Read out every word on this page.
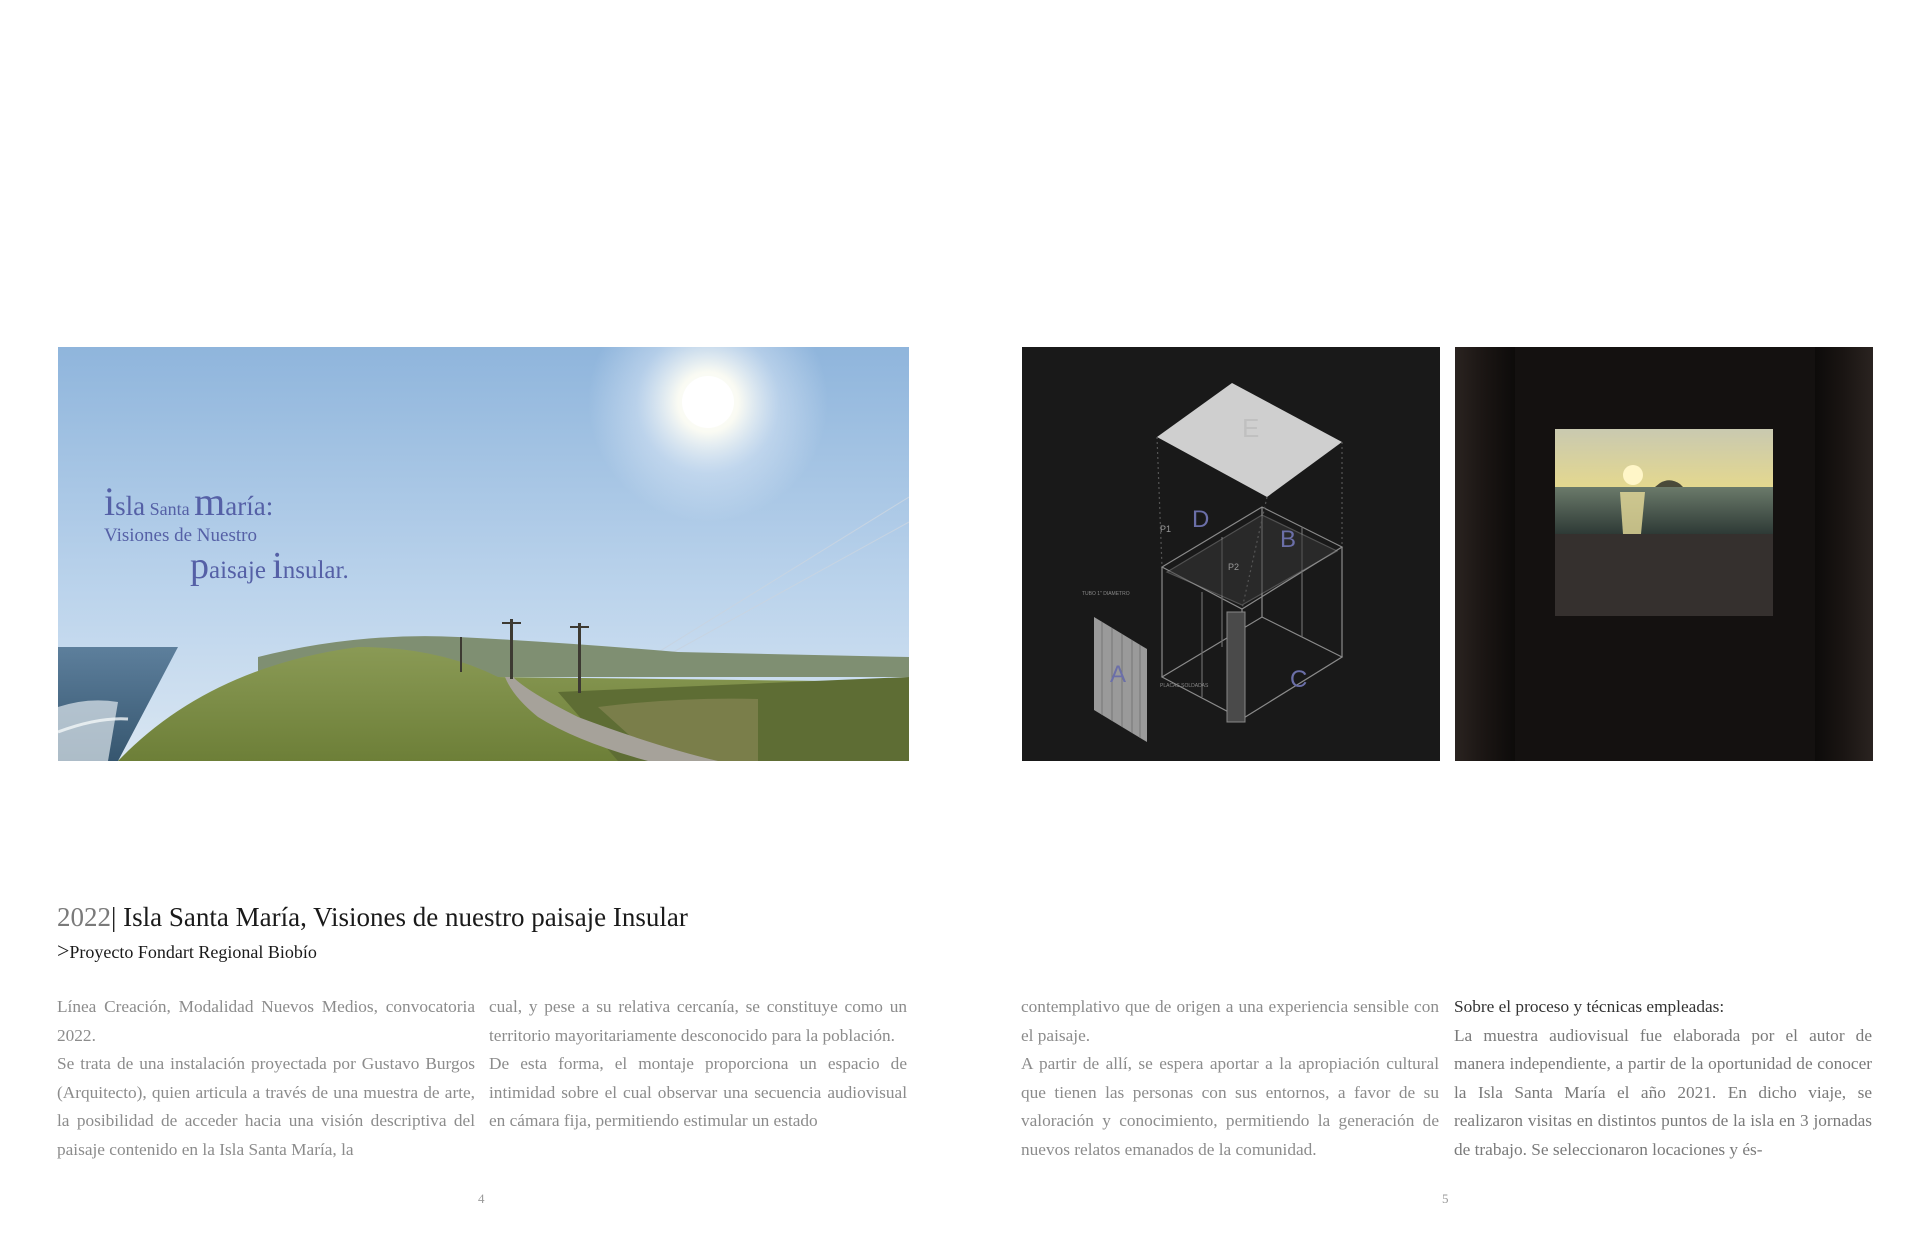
isla Santa maría:
Visiones de Nuestro
paisaje insular.
E
D
B
A	C
P1
P2
TUBO 1" DIAMETRO
PLACAS SOLDADAS
2022| Isla Santa María, Visiones de nuestro paisaje Insular
>Proyecto Fondart Regional Biobío

Línea Creación, Modalidad Nuevos Medios, convocatoria 2022.

Se trata de una instalación proyectada por Gustavo Burgos (Arquitecto), quien articula a través de una muestra de arte, la posibilidad de acceder hacia una visión descriptiva del paisaje contenido en la Isla Santa María, la

cual, y pese a su relativa cercanía, se constituye como un territorio mayoritariamente desconocido para la población.

De esta forma, el montaje proporciona un espacio de intimidad sobre el cual observar una secuencia audiovisual en cámara fija, permitiendo estimular un estado

contemplativo que de origen a una experiencia sensible con el paisaje.

A partir de allí, se espera aportar a la apropiación cultural que tienen las personas con sus entornos, a favor de su valoración y conocimiento, permitiendo la generación de nuevos relatos emanados de la comunidad.

Sobre el proceso y técnicas empleadas:

La muestra audiovisual fue elaborada por el autor de manera independiente, a partir de la oportunidad de conocer la Isla Santa María el año 2021. En dicho viaje, se realizaron visitas en distintos puntos de la isla en 3 jornadas de trabajo. Se seleccionaron locaciones y és-

4	5
